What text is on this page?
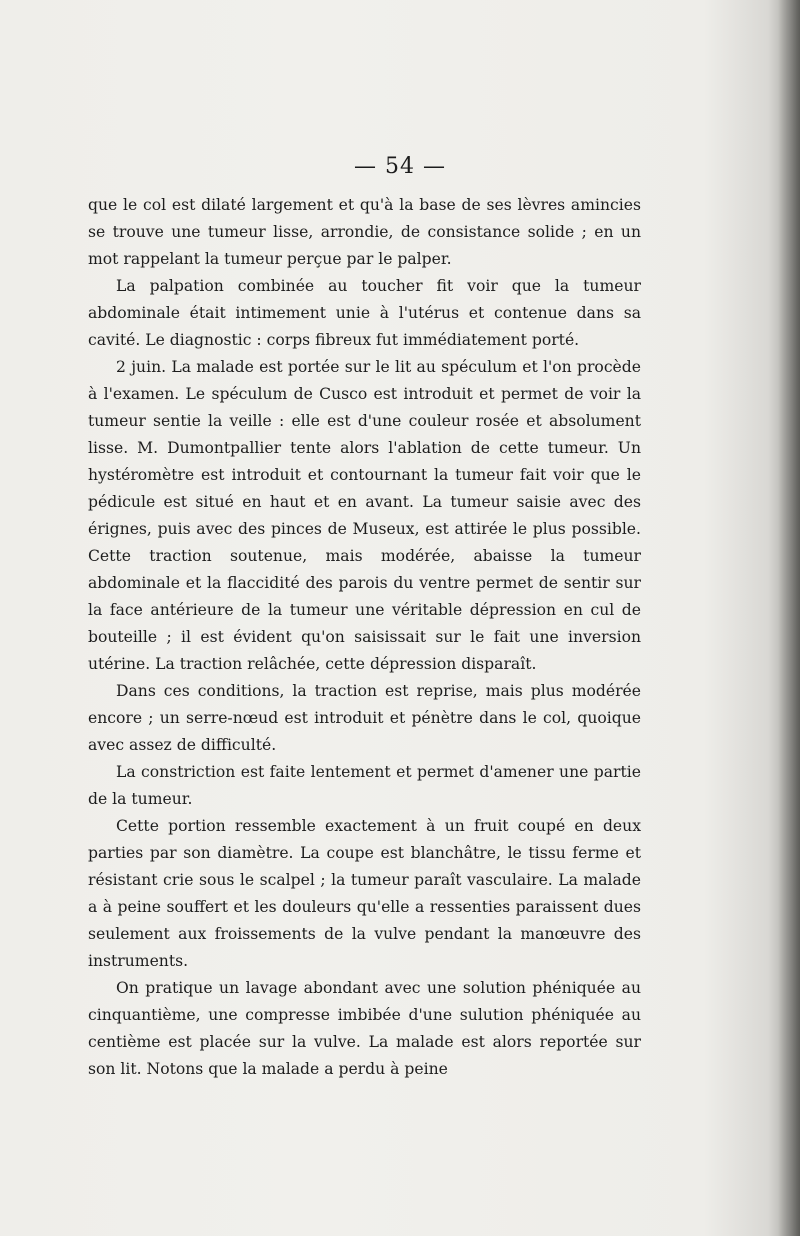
— 54 —

que le col est dilaté largement et qu'à la base de ses lèvres amincies se trouve une tumeur lisse, arrondie, de consistance solide ; en un mot rappelant la tumeur perçue par le palper.

La palpation combinée au toucher fit voir que la tumeur abdominale était intimement unie à l'utérus et contenue dans sa cavité. Le diagnostic : corps fibreux fut immédiatement porté.

2 juin. La malade est portée sur le lit au spéculum et l'on procède à l'examen. Le spéculum de Cusco est introduit et permet de voir la tumeur sentie la veille : elle est d'une couleur rosée et absolument lisse. M. Dumontpallier tente alors l'ablation de cette tumeur. Un hystéromètre est introduit et contournant la tumeur fait voir que le pédicule est situé en haut et en avant. La tumeur saisie avec des érignes, puis avec des pinces de Museux, est attirée le plus possible. Cette traction soutenue, mais modérée, abaisse la tumeur abdominale et la flaccidité des parois du ventre permet de sentir sur la face antérieure de la tumeur une véritable dépression en cul de bouteille ; il est évident qu'on saisissait sur le fait une inversion utérine. La traction relâchée, cette dépression disparaît.

Dans ces conditions, la traction est reprise, mais plus modérée encore ; un serre-nœud est introduit et pénètre dans le col, quoique avec assez de difficulté.

La constriction est faite lentement et permet d'amener une partie de la tumeur.

Cette portion ressemble exactement à un fruit coupé en deux parties par son diamètre. La coupe est blanchâtre, le tissu ferme et résistant crie sous le scalpel ; la tumeur paraît vasculaire. La malade a à peine souffert et les douleurs qu'elle a ressenties paraissent dues seulement aux froissements de la vulve pendant la manœuvre des instruments.

On pratique un lavage abondant avec une solution phéniquée au cinquantième, une compresse imbibée d'une sulution phéniquée au centième est placée sur la vulve. La malade est alors reportée sur son lit. Notons que la malade a perdu à peine
